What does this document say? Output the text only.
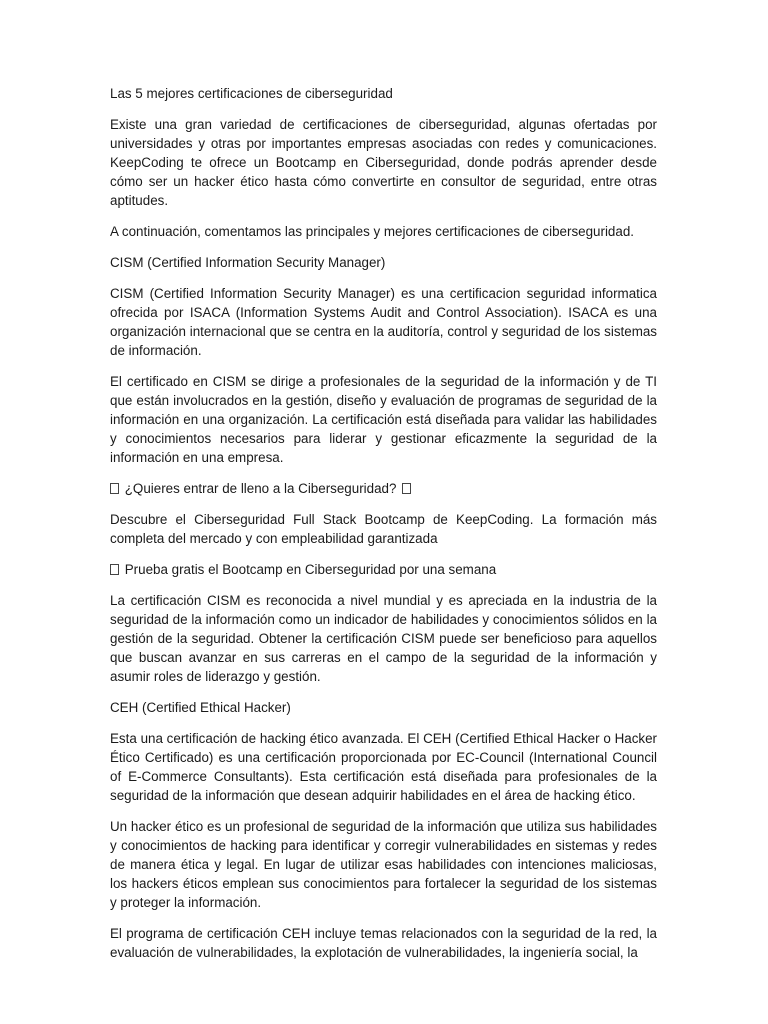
Las 5 mejores certificaciones de ciberseguridad

Existe una gran variedad de certificaciones de ciberseguridad, algunas ofertadas por universidades y otras por importantes empresas asociadas con redes y comunicaciones. KeepCoding te ofrece un Bootcamp en Ciberseguridad, donde podrás aprender desde cómo ser un hacker ético hasta cómo convertirte en consultor de seguridad, entre otras aptitudes.

A continuación, comentamos las principales y mejores certificaciones de ciberseguridad.

CISM (Certified Information Security Manager)

CISM (Certified Information Security Manager) es una certificacion seguridad informatica ofrecida por ISACA (Information Systems Audit and Control Association). ISACA es una organización internacional que se centra en la auditoría, control y seguridad de los sistemas de información.

El certificado en CISM se dirige a profesionales de la seguridad de la información y de TI que están involucrados en la gestión, diseño y evaluación de programas de seguridad de la información en una organización. La certificación está diseñada para validar las habilidades y conocimientos necesarios para liderar y gestionar eficazmente la seguridad de la información en una empresa.

¿Quieres entrar de lleno a la Ciberseguridad?

Descubre el Ciberseguridad Full Stack Bootcamp de KeepCoding. La formación más completa del mercado y con empleabilidad garantizada

Prueba gratis el Bootcamp en Ciberseguridad por una semana

La certificación CISM es reconocida a nivel mundial y es apreciada en la industria de la seguridad de la información como un indicador de habilidades y conocimientos sólidos en la gestión de la seguridad. Obtener la certificación CISM puede ser beneficioso para aquellos que buscan avanzar en sus carreras en el campo de la seguridad de la información y asumir roles de liderazgo y gestión.

CEH (Certified Ethical Hacker)

Esta una certificación de hacking ético avanzada. El CEH (Certified Ethical Hacker o Hacker Ético Certificado) es una certificación proporcionada por EC-Council (International Council of E-Commerce Consultants). Esta certificación está diseñada para profesionales de la seguridad de la información que desean adquirir habilidades en el área de hacking ético.

Un hacker ético es un profesional de seguridad de la información que utiliza sus habilidades y conocimientos de hacking para identificar y corregir vulnerabilidades en sistemas y redes de manera ética y legal. En lugar de utilizar esas habilidades con intenciones maliciosas, los hackers éticos emplean sus conocimientos para fortalecer la seguridad de los sistemas y proteger la información.

El programa de certificación CEH incluye temas relacionados con la seguridad de la red, la evaluación de vulnerabilidades, la explotación de vulnerabilidades, la ingeniería social, la
